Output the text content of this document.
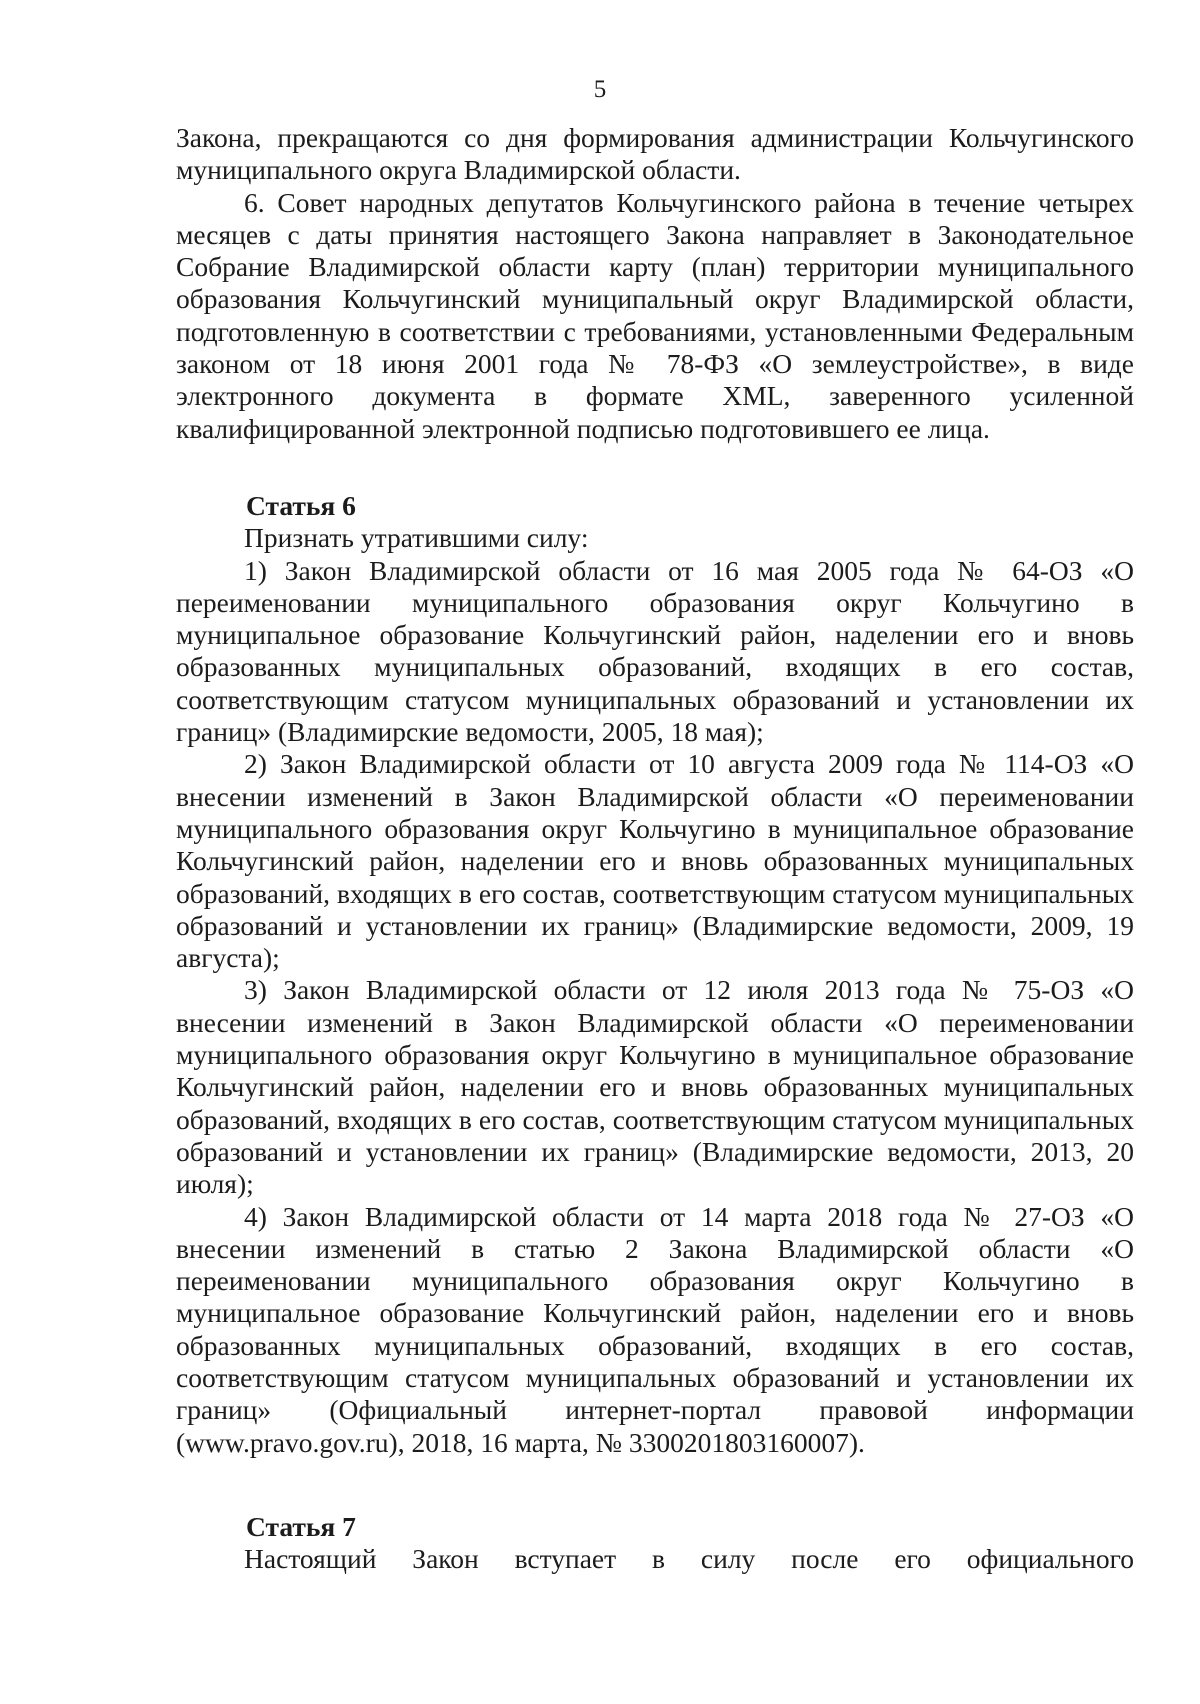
5

Закона, прекращаются со дня формирования администрации Кольчугинского муниципального округа Владимирской области.

6. Совет народных депутатов Кольчугинского района в течение четырех месяцев с даты принятия настоящего Закона направляет в Законодательное Собрание Владимирской области карту (план) территории муниципального образования Кольчугинский муниципальный округ Владимирской области, подготовленную в соответствии с требованиями, установленными Федеральным законом от 18 июня 2001 года № 78-ФЗ «О землеустройстве», в виде электронного документа в формате XML, заверенного усиленной квалифицированной электронной подписью подготовившего ее лица.

Статья 6

Признать утратившими силу:

1) Закон Владимирской области от 16 мая 2005 года № 64-ОЗ «О переименовании муниципального образования округ Кольчугино в муниципальное образование Кольчугинский район, наделении его и вновь образованных муниципальных образований, входящих в его состав, соответствующим статусом муниципальных образований и установлении их границ» (Владимирские ведомости, 2005, 18 мая);

2) Закон Владимирской области от 10 августа 2009 года № 114-ОЗ «О внесении изменений в Закон Владимирской области «О переименовании муниципального образования округ Кольчугино в муниципальное образование Кольчугинский район, наделении его и вновь образованных муниципальных образований, входящих в его состав, соответствующим статусом муниципальных образований и установлении их границ» (Владимирские ведомости, 2009, 19 августа);

3) Закон Владимирской области от 12 июля 2013 года № 75-ОЗ «О внесении изменений в Закон Владимирской области «О переименовании муниципального образования округ Кольчугино в муниципальное образование Кольчугинский район, наделении его и вновь образованных муниципальных образований, входящих в его состав, соответствующим статусом муниципальных образований и установлении их границ» (Владимирские ведомости, 2013, 20 июля);

4) Закон Владимирской области от 14 марта 2018 года № 27-ОЗ «О внесении изменений в статью 2 Закона Владимирской области «О переименовании муниципального образования округ Кольчугино в муниципальное образование Кольчугинский район, наделении его и вновь образованных муниципальных образований, входящих в его состав, соответствующим статусом муниципальных образований и установлении их границ» (Официальный интернет-портал правовой информации (www.pravo.gov.ru), 2018, 16 марта, № 3300201803160007).

Статья 7

Настоящий Закон вступает в силу после его официального
